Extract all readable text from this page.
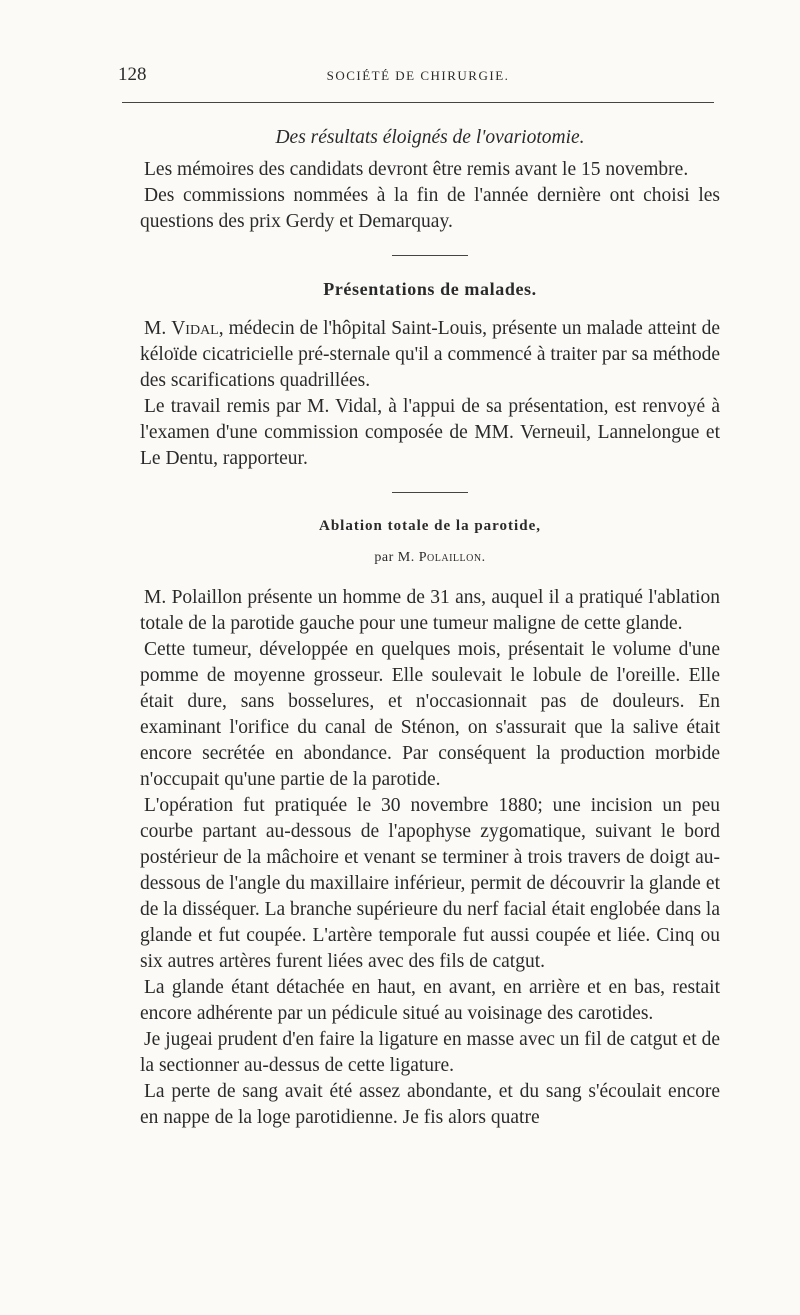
128	SOCIÉTÉ DE CHIRURGIE.

Des résultats éloignés de l'ovariotomie.

Les mémoires des candidats devront être remis avant le 15 novembre.

Des commissions nommées à la fin de l'année dernière ont choisi les questions des prix Gerdy et Demarquay.

Présentations de malades.

M. Vidal, médecin de l'hôpital Saint-Louis, présente un malade atteint de kéloïde cicatricielle pré-sternale qu'il a commencé à traiter par sa méthode des scarifications quadrillées.

Le travail remis par M. Vidal, à l'appui de sa présentation, est renvoyé à l'examen d'une commission composée de MM. Verneuil, Lannelongue et Le Dentu, rapporteur.

Ablation totale de la parotide,

par M. Polaillon.

M. Polaillon présente un homme de 31 ans, auquel il a pratiqué l'ablation totale de la parotide gauche pour une tumeur maligne de cette glande.

Cette tumeur, développée en quelques mois, présentait le volume d'une pomme de moyenne grosseur. Elle soulevait le lobule de l'oreille. Elle était dure, sans bosselures, et n'occasionnait pas de douleurs. En examinant l'orifice du canal de Sténon, on s'assurait que la salive était encore secrétée en abondance. Par conséquent la production morbide n'occupait qu'une partie de la parotide.

L'opération fut pratiquée le 30 novembre 1880; une incision un peu courbe partant au-dessous de l'apophyse zygomatique, suivant le bord postérieur de la mâchoire et venant se terminer à trois travers de doigt au-dessous de l'angle du maxillaire inférieur, permit de découvrir la glande et de la disséquer. La branche supérieure du nerf facial était englobée dans la glande et fut coupée. L'artère temporale fut aussi coupée et liée. Cinq ou six autres artères furent liées avec des fils de catgut.

La glande étant détachée en haut, en avant, en arrière et en bas, restait encore adhérente par un pédicule situé au voisinage des carotides.

Je jugeai prudent d'en faire la ligature en masse avec un fil de catgut et de la sectionner au-dessus de cette ligature.

La perte de sang avait été assez abondante, et du sang s'écoulait encore en nappe de la loge parotidienne. Je fis alors quatre
